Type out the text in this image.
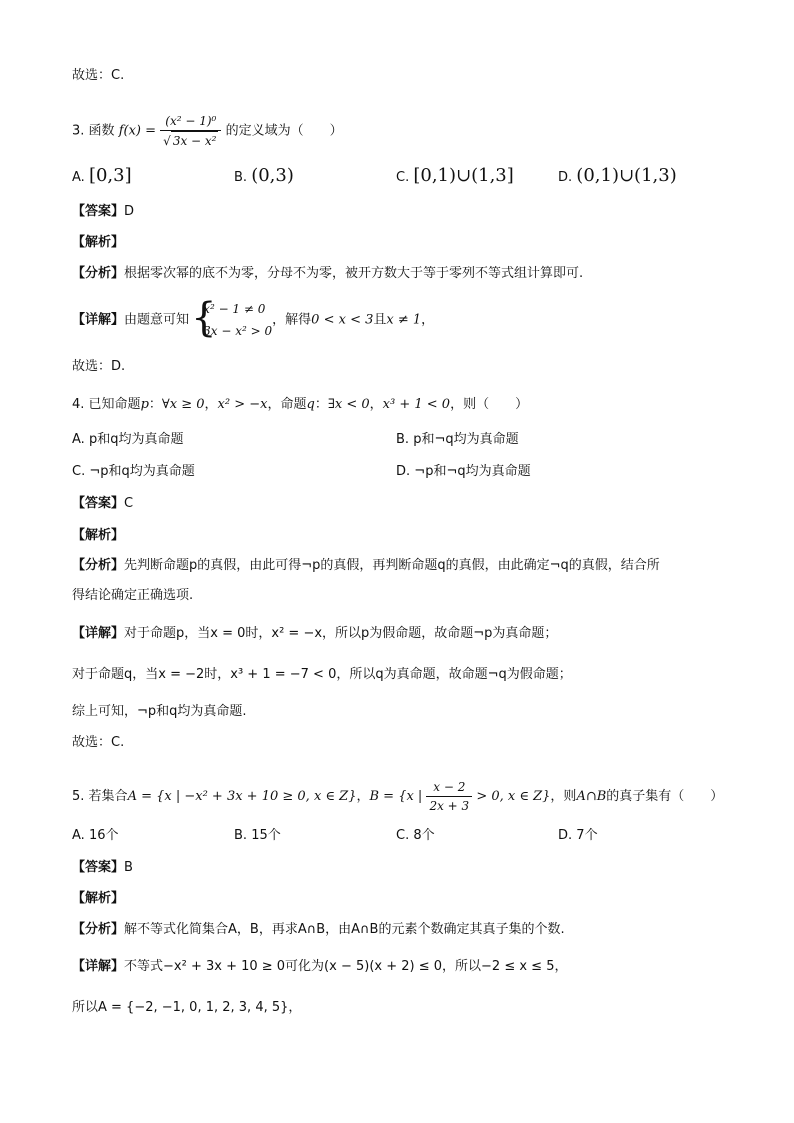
故选：C.
3. 函数 $f(x) = \frac{\text{(x² − 1)⁰}}{\text{√ 3x − x²}}$ 的定义域为（　　）
A. [0,3]	B. (0,3)	C. [0,1)∪(1,3]	D. (0,1)∪(1,3)
【答案】D
【解析】
【分析】根据零次幂的底不为零，分母不为零，被开方数大于等于零列不等式组计算即可.
【详解】由题意可知 {
x² − 1 ≠ 0
3x − x² > 0
，解得0 < x < 3且x ≠ 1，
故选：D.
4. 已知命题p：∀x ≥ 0，x² > −x，命题q：∃x < 0，x³ + 1 < 0，则（　　）
A. p和q均为真命题	B. p和¬q均为真命题
C. ¬p和q均为真命题	D. ¬p和¬q均为真命题
【答案】C
【解析】
【分析】先判断命题p的真假，由此可得¬p的真假，再判断命题q的真假，由此确定¬q的真假，结合所
得结论确定正确选项.
【详解】对于命题p，当x = 0时，x² = −x，所以p为假命题，故命题¬p为真命题；
对于命题q，当x = −2时，x³ + 1 = −7 < 0，所以q为真命题，故命题¬q为假命题；
综上可知，¬p和q均为真命题.
故选：C.
5. 若集合A = {x | −x² + 3x + 10 ≥ 0, x ∈ Z}，B = {x | $\frac{x - 2}{2x + 3} > 0$, x ∈ Z}，则A∩B的真子集有（　　）
A. 16个	B. 15个	C. 8个	D. 7个
【答案】B
【解析】
【分析】解不等式化简集合A，B，再求A∩B，由A∩B的元素个数确定其真子集的个数.
【详解】不等式−x² + 3x + 10 ≥ 0可化为(x − 5)(x + 2) ≤ 0，所以−2 ≤ x ≤ 5，
所以A = {−2, −1, 0, 1, 2, 3, 4, 5}，
